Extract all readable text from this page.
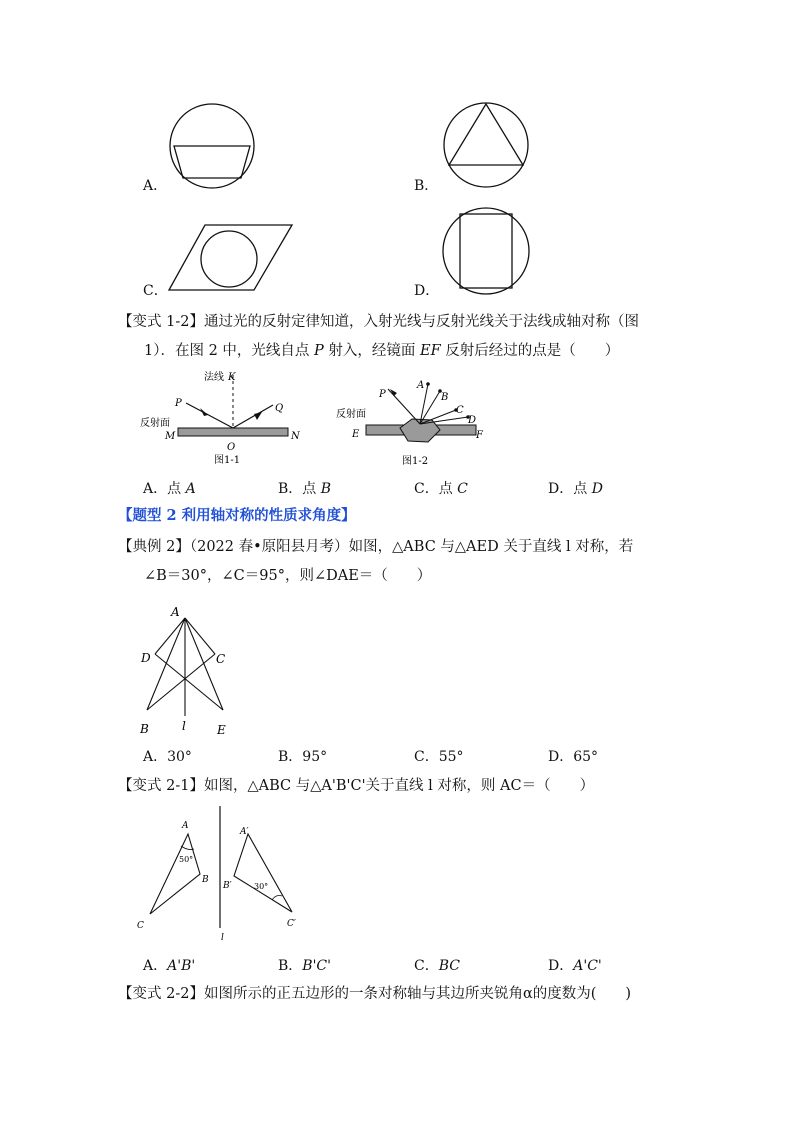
A．	B．
C．	D．
【变式 1-2】通过光的反射定律知道，入射光线与反射光线关于法线成轴对称（图
1）．在图 2 中，光线自点 P 射入，经镜面 EF 反射后经过的点是（　　）
法线 K
P	Q
反射面
M
O
N
图1-1
P
A
B
C
D
反射面
E	F
图1-2
A．点 A	B．点 B	C．点 C	D．点 D
【题型 2 利用轴对称的性质求角度】
【典例 2】（2022 春•原阳县月考）如图，△ABC 与△AED 关于直线 l 对称，若
∠B＝30°，∠C＝95°，则∠DAE＝（　　）
A
D	C
B	l	E
A．30°	B．95°	C．55°	D．65°
【变式 2-1】如图，△ABC 与△A'B'C'关于直线 l 对称，则 AC＝（　　）
A
50°
B
C
l
A′
B′	30°
C′
A．A'B'	B．B'C'	C．BC	D．A'C'
【变式 2-2】如图所示的正五边形的一条对称轴与其边所夹锐角α的度数为(　　)
